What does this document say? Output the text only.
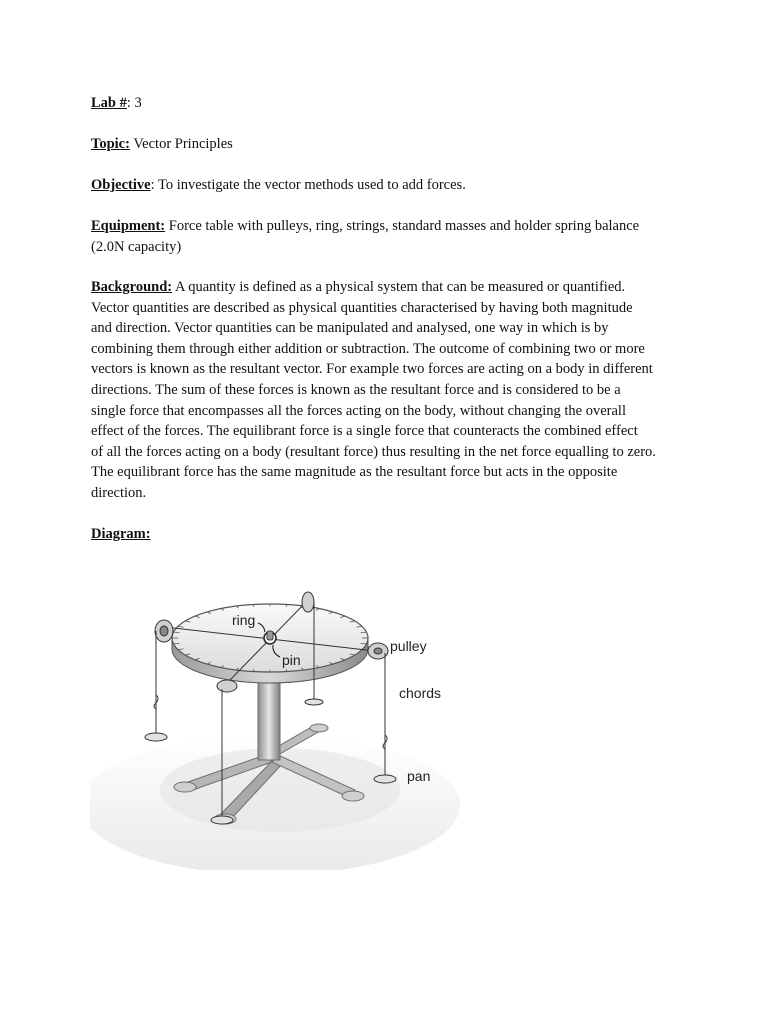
Lab #: 3
Topic: Vector Principles
Objective: To investigate the vector methods used to add forces.
Equipment: Force table with pulleys, ring, strings, standard masses and holder spring balance
(2.0N capacity)
Background: A quantity is defined as a physical system that can be measured or quantified.
Vector quantities are described as physical quantities characterised by having both magnitude
and direction. Vector quantities can be manipulated and analysed, one way in which is by
combining them through either addition or subtraction. The outcome of combining two or more
vectors is known as the resultant vector. For example two forces are acting on a body in different
directions. The sum of these forces is known as the resultant force and is considered to be a
single force that encompasses all the forces acting on the body, without changing the overall
effect of the forces. The equilibrant force is a single force that counteracts the combined effect
of all the forces acting on a body (resultant force) thus resulting in the net force equalling to zero.
The equilibrant force has the same magnitude as the resultant force but acts in the opposite
direction.
Diagram:
ring
pin
pulley
chords
pan
